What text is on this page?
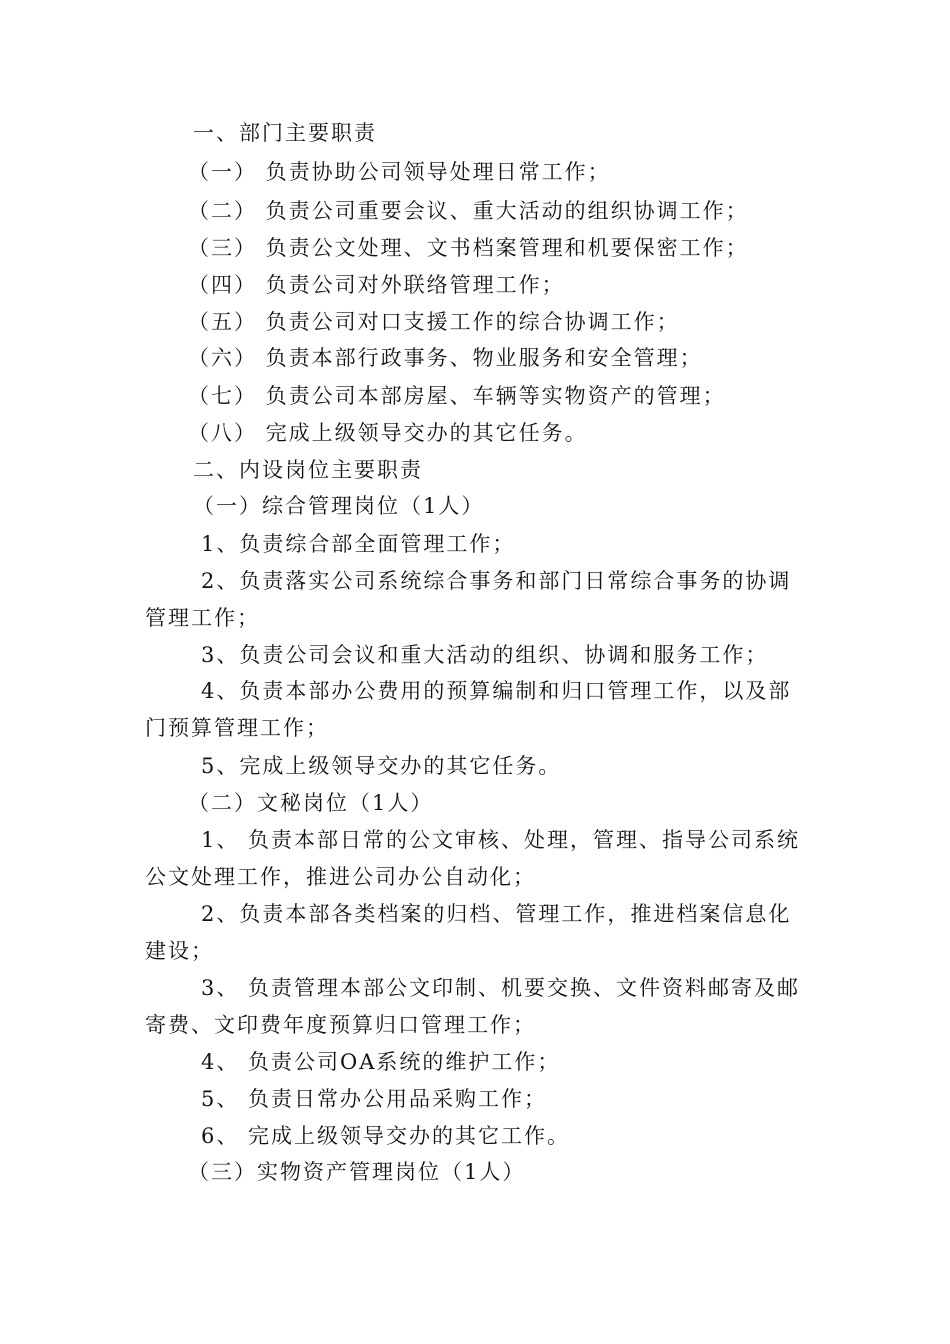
一、部门主要职责

（一） 负责协助公司领导处理日常工作；

（二） 负责公司重要会议、重大活动的组织协调工作；

（三） 负责公文处理、文书档案管理和机要保密工作；

（四） 负责公司对外联络管理工作；

（五） 负责公司对口支援工作的综合协调工作；

（六） 负责本部行政事务、物业服务和安全管理；

（七） 负责公司本部房屋、车辆等实物资产的管理；

（八） 完成上级领导交办的其它任务。

二、内设岗位主要职责

（一）综合管理岗位（1人）

1、负责综合部全面管理工作；

2、负责落实公司系统综合事务和部门日常综合事务的协调

管理工作；

3、负责公司会议和重大活动的组织、协调和服务工作；

4、负责本部办公费用的预算编制和归口管理工作，以及部

门预算管理工作；

5、完成上级领导交办的其它任务。

（二）文秘岗位（1人）

1、 负责本部日常的公文审核、处理，管理、指导公司系统

公文处理工作，推进公司办公自动化；

2、负责本部各类档案的归档、管理工作，推进档案信息化

建设；

3、 负责管理本部公文印制、机要交换、文件资料邮寄及邮

寄费、文印费年度预算归口管理工作；

4、 负责公司OA系统的维护工作；

5、 负责日常办公用品采购工作；

6、 完成上级领导交办的其它工作。

（三）实物资产管理岗位（1人）
